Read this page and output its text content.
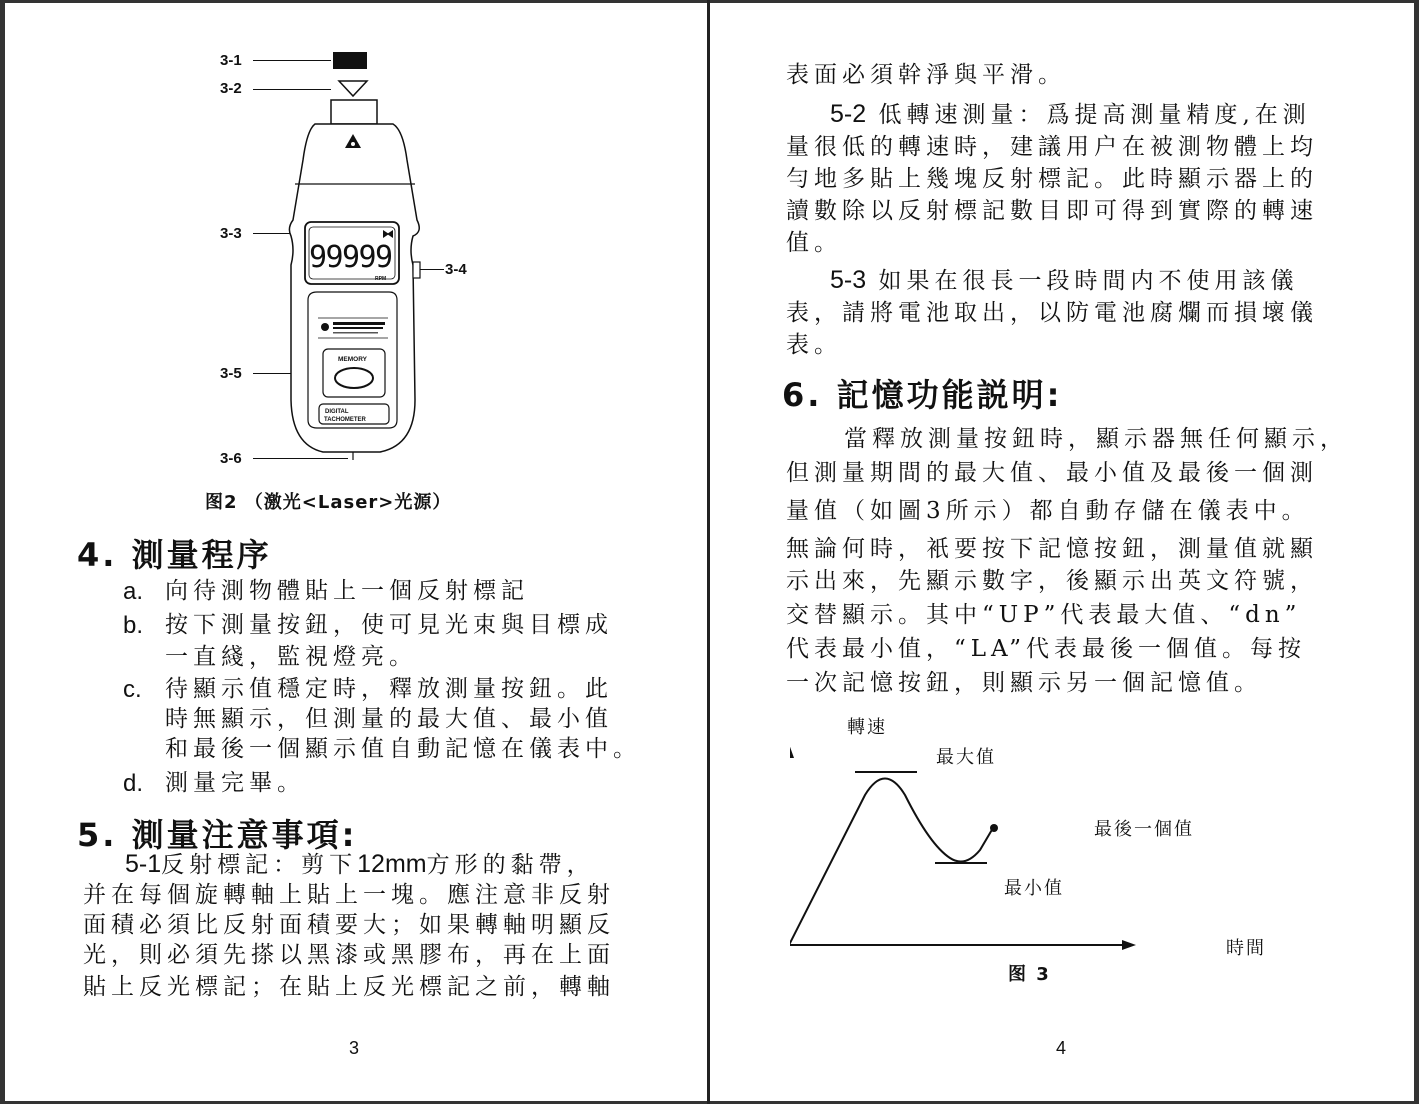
3-1
3-2
3-3
3-4
3-5
3-6
99999
RPM
MEMORY
DIGITAL
TACHOMETER
图2 （激光<Laser>光源）
4. 測量程序
a. 向待測物體貼上一個反射標記
b. 按下測量按鈕，使可見光束與目標成
一直綫，監視燈亮。
c. 待顯示值穩定時，釋放測量按鈕。此
時無顯示，但測量的最大值、最小值
和最後一個顯示值自動記憶在儀表中。
d. 測量完畢。
5. 測量注意事項:
5-1反射標記：剪下12mm方形的黏帶，
并在每個旋轉軸上貼上一塊。應注意非反射
面積必須比反射面積要大；如果轉軸明顯反
光，則必須先搽以黑漆或黑膠布，再在上面
貼上反光標記；在貼上反光標記之前，轉軸
3
表面必須幹淨與平滑。
5-2 低轉速測量：爲提高測量精度,在測
量很低的轉速時，建議用户在被測物體上均
勻地多貼上幾塊反射標記。此時顯示器上的
讀數除以反射標記數目即可得到實際的轉速
值。
5-3 如果在很長一段時間内不使用該儀
表，請將電池取出，以防電池腐爛而損壞儀
表。
6. 記憶功能説明:
當釋放測量按鈕時，顯示器無任何顯示，
但測量期間的最大值、最小值及最後一個測
量值（如圖3所示）都自動存儲在儀表中。
無論何時，衹要按下記憶按鈕，測量值就顯
示出來，先顯示數字，後顯示出英文符號，
交替顯示。其中“UP”代表最大值、“dn”
代表最小值，“LA”代表最後一個值。每按
一次記憶按鈕，則顯示另一個記憶值。
轉速
最大值
最小值
最後一個值
時間
图 3
4
